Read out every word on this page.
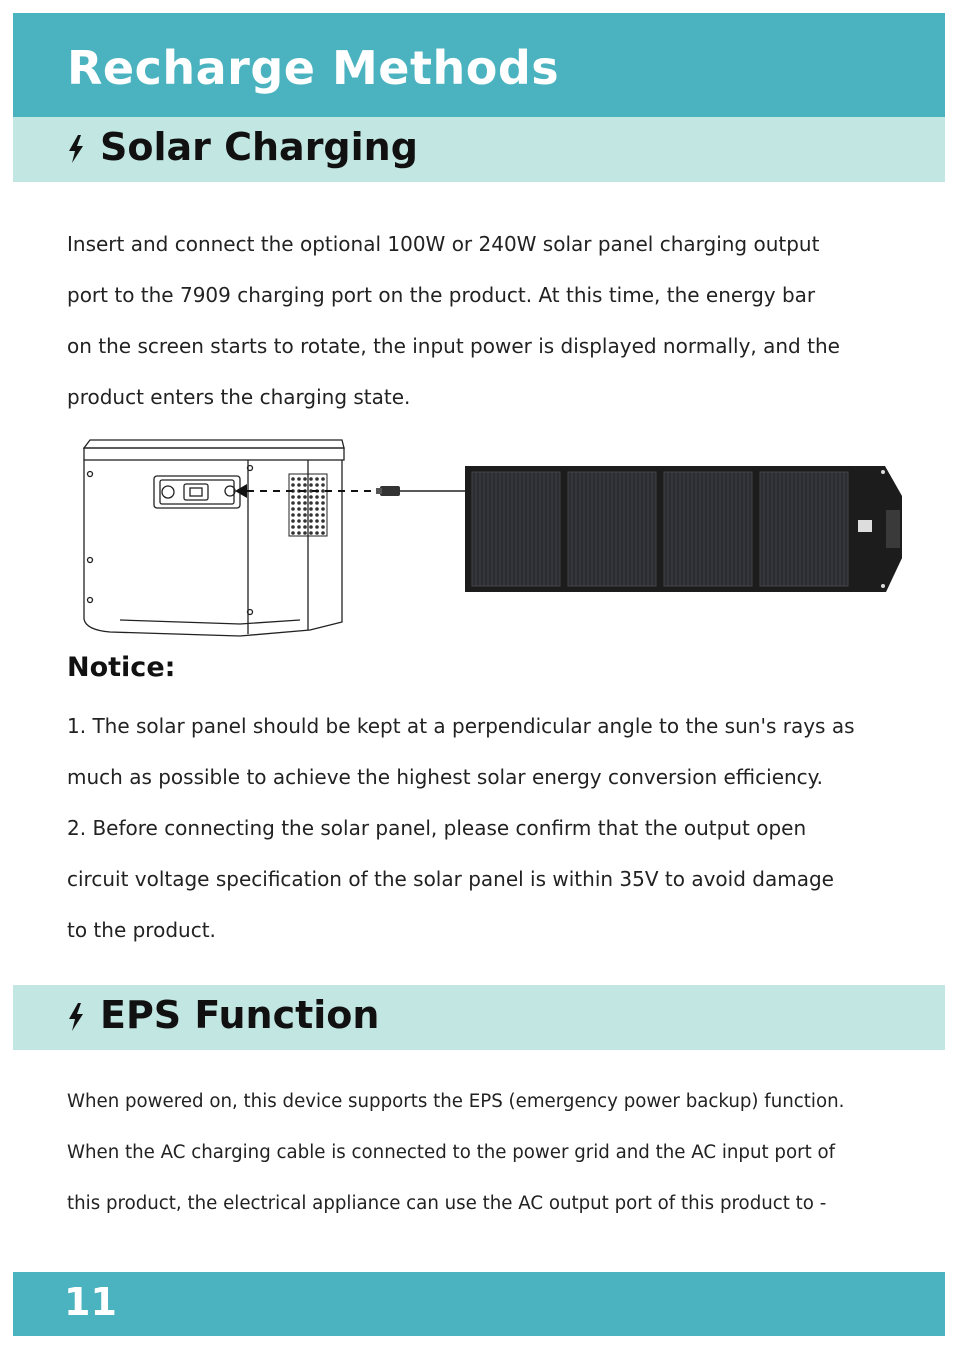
Recharge Methods
Solar Charging
Insert and connect the optional 100W or 240W solar panel charging output
port to the 7909 charging port on the product. At this time, the energy bar
on the screen starts to rotate, the input power is displayed normally, and the
product enters the charging state.
Notice:
1. The solar panel should be kept at a perpendicular angle to the sun's rays as
much as possible to achieve the highest solar energy conversion efficiency.
2. Before connecting the solar panel, please confirm that the output open
circuit voltage specification of the solar panel is within 35V to avoid damage
to the product.
EPS Function
When powered on, this device supports the EPS (emergency power backup) function.
When the AC charging cable is connected to the power grid and the AC input port of
this product, the electrical appliance can use the AC output port of this product to -
11
